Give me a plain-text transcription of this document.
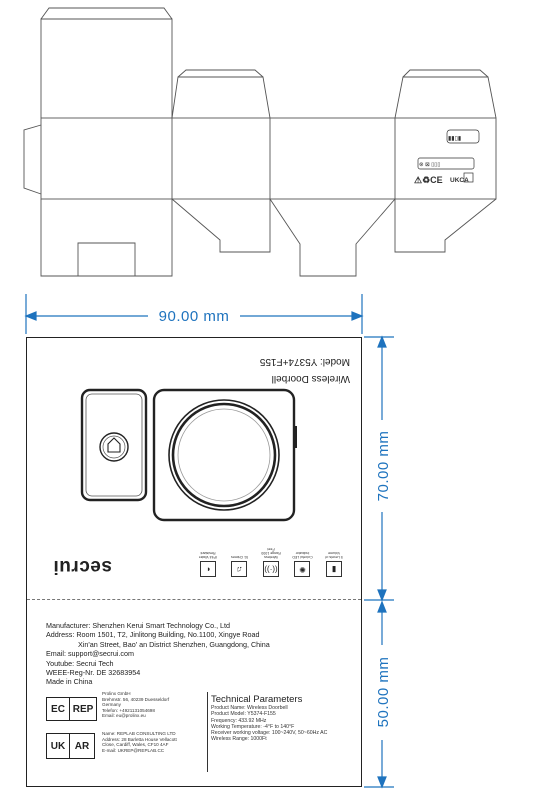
▮▮▯▮
⊗ ⊠ ▯▯▯
⚠♻CE UKCA
90.00 mm
70.00 mm
50.00 mm
Wireless Doorbell
Model: Y5374+F155
secrui	▮
5 Levels of Volume
✺
Colorful LED Indicator
((·))
Wireless Range 1000 Feet
♫
51 Chimes
◐
IP44 Water Resistant
Manufacturer: Shenzhen Kerui Smart Technology Co., Ltd
Address: Room 1501, T2, Jinlitong Building, No.1100, Xingye Road
Xin'an Street, Bao' an District Shenzhen, Guangdong, China
Email: support@secrui.com
Youtube: Secrui Tech
WEEE-Reg-Nr. DE 32683954
Made in China
EC REP
Prolinx GmbH
Brehmstr. 56, 40239 Duesseldorf
Germany
Telefon: +4921131054698
Email: eu@prolinx.eu
UK AR
Name: REPLAB CONSULTING LTD
Address: 28 Barletta House Vellacott
Close, Cardiff, Wales, CF10 4AF
E-mail: UKREP@REPLAB.CC
Technical Parameters
Product Name: Wireless Doorbell
Product Model: Y5374-F155
Frequency: 433.92 MHz
Working Temperature: -4°F to 140°F
Receiver working voltage: 100~240V, 50~60Hz AC
Wireless Range: 1000Ft
